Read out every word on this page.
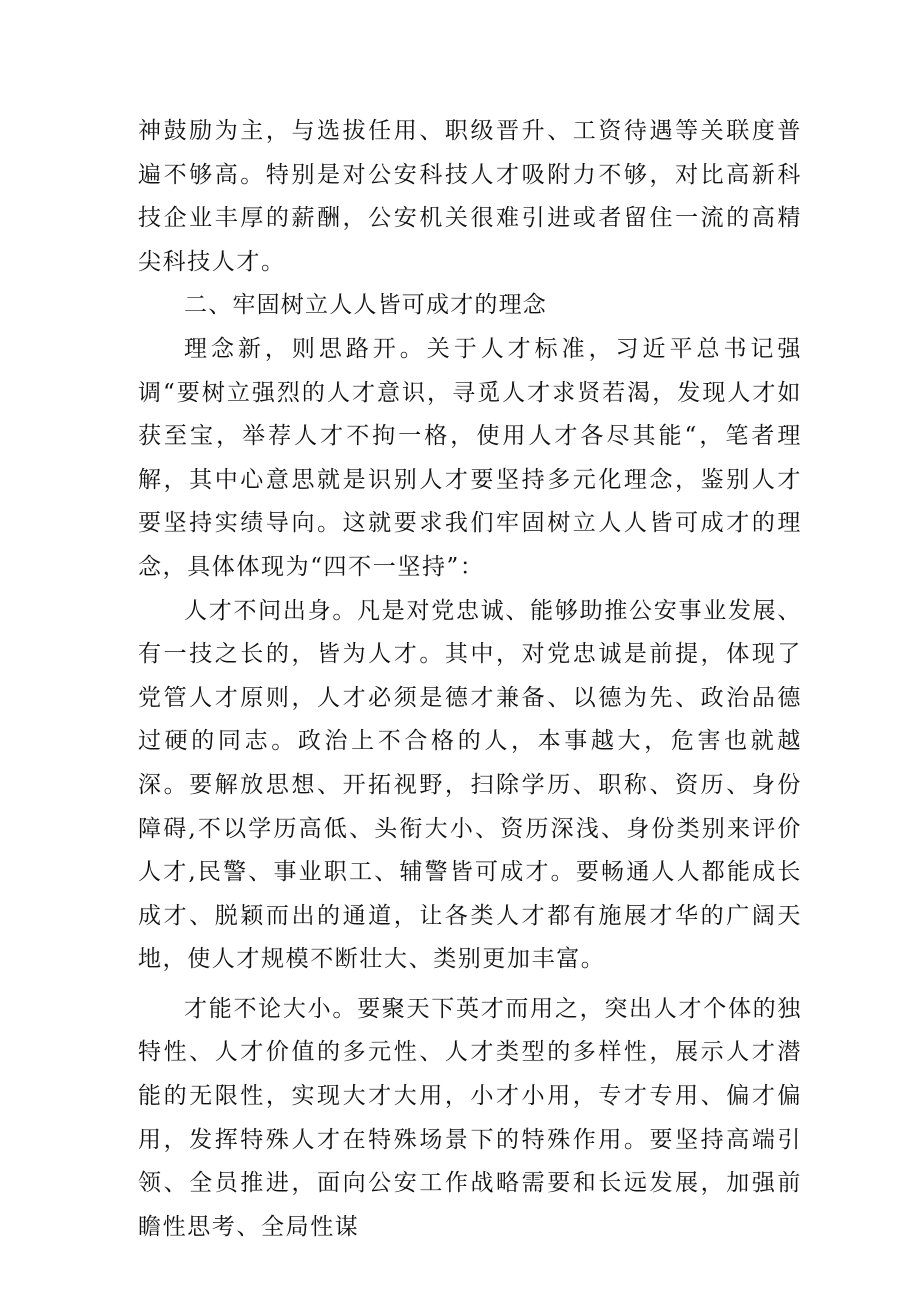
神鼓励为主，与选拔任用、职级晋升、工资待遇等关联度普遍不够高。特别是对公安科技人才吸附力不够，对比高新科技企业丰厚的薪酬，公安机关很难引进或者留住一流的高精尖科技人才。

二、牢固树立人人皆可成才的理念

理念新，则思路开。关于人才标准，习近平总书记强调“要树立强烈的人才意识，寻觅人才求贤若渴，发现人才如获至宝，举荐人才不拘一格，使用人才各尽其能“，笔者理解，其中心意思就是识别人才要坚持多元化理念，鉴别人才要坚持实绩导向。这就要求我们牢固树立人人皆可成才的理念，具体体现为“四不一坚持”：

人才不问出身。凡是对党忠诚、能够助推公安事业发展、有一技之长的，皆为人才。其中，对党忠诚是前提，体现了党管人才原则，人才必须是德才兼备、以德为先、政治品德过硬的同志。政治上不合格的人，本事越大，危害也就越深。要解放思想、开拓视野，扫除学历、职称、资历、身份障碍,不以学历高低、头衔大小、资历深浅、身份类别来评价人才,民警、事业职工、辅警皆可成才。要畅通人人都能成长成才、脱颖而出的通道，让各类人才都有施展才华的广阔天地，使人才规模不断壮大、类别更加丰富。

才能不论大小。要聚天下英才而用之，突出人才个体的独特性、人才价值的多元性、人才类型的多样性，展示人才潜能的无限性，实现大才大用，小才小用，专才专用、偏才偏用，发挥特殊人才在特殊场景下的特殊作用。要坚持高端引领、全员推进，面向公安工作战略需要和长远发展，加强前瞻性思考、全局性谋
